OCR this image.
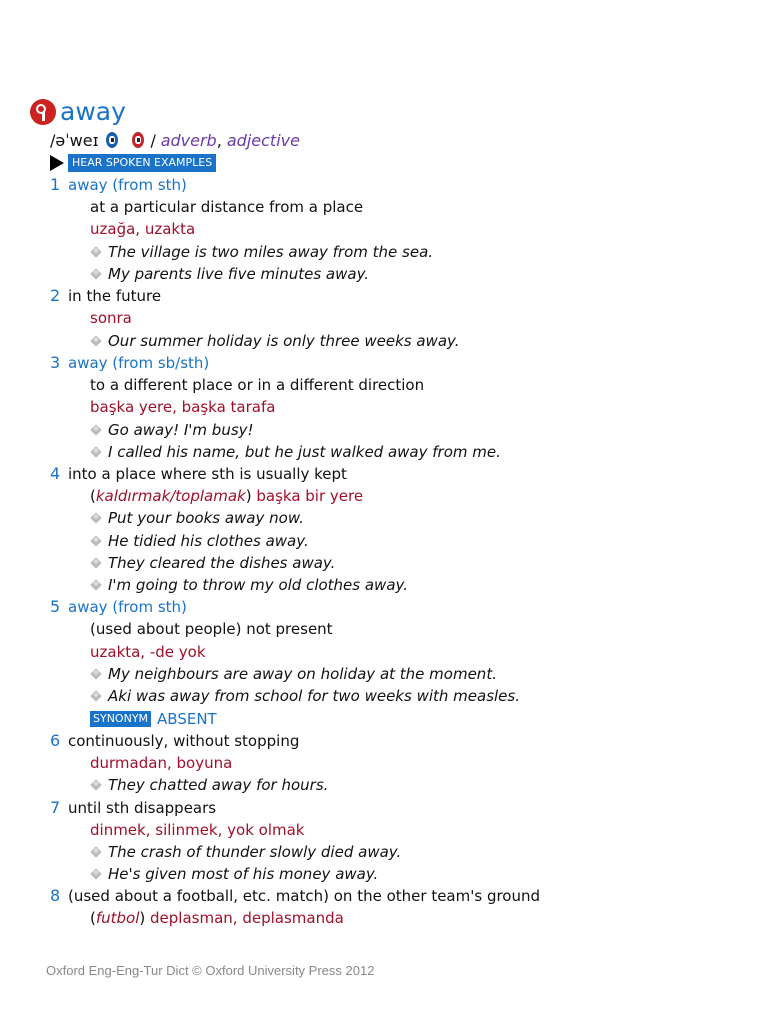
away
/əˈweɪ	/
adverb , adjective
HEAR SPOKEN EXAMPLES
1 away (from sth)
at a particular distance from a place
uzağa, uzakta
The village is two miles away from the sea.
My parents live five minutes away.
2 in the future
sonra
Our summer holiday is only three weeks away.
3 away (from sb/sth)
to a different place or in a different direction
başka yere, başka tarafa
Go away! I'm busy!
I called his name, but he just walked away from me.
4 into a place where sth is usually kept
(kaldırmak/toplamak) başka bir yere
Put your books away now.
He tidied his clothes away.
They cleared the dishes away.
I'm going to throw my old clothes away.
5 away (from sth)
(used about people) not present
uzakta, -de yok
My neighbours are away on holiday at the moment.
Aki was away from school for two weeks with measles.
SYNONYM ABSENT
6 continuously, without stopping
durmadan, boyuna
They chatted away for hours.
7 until sth disappears
dinmek, silinmek, yok olmak
The crash of thunder slowly died away.
He's given most of his money away.
8 (used about a football, etc. match) on the other team's ground
(futbol) deplasman, deplasmanda
Oxford Eng-Eng-Tur Dict © Oxford University Press 2012
